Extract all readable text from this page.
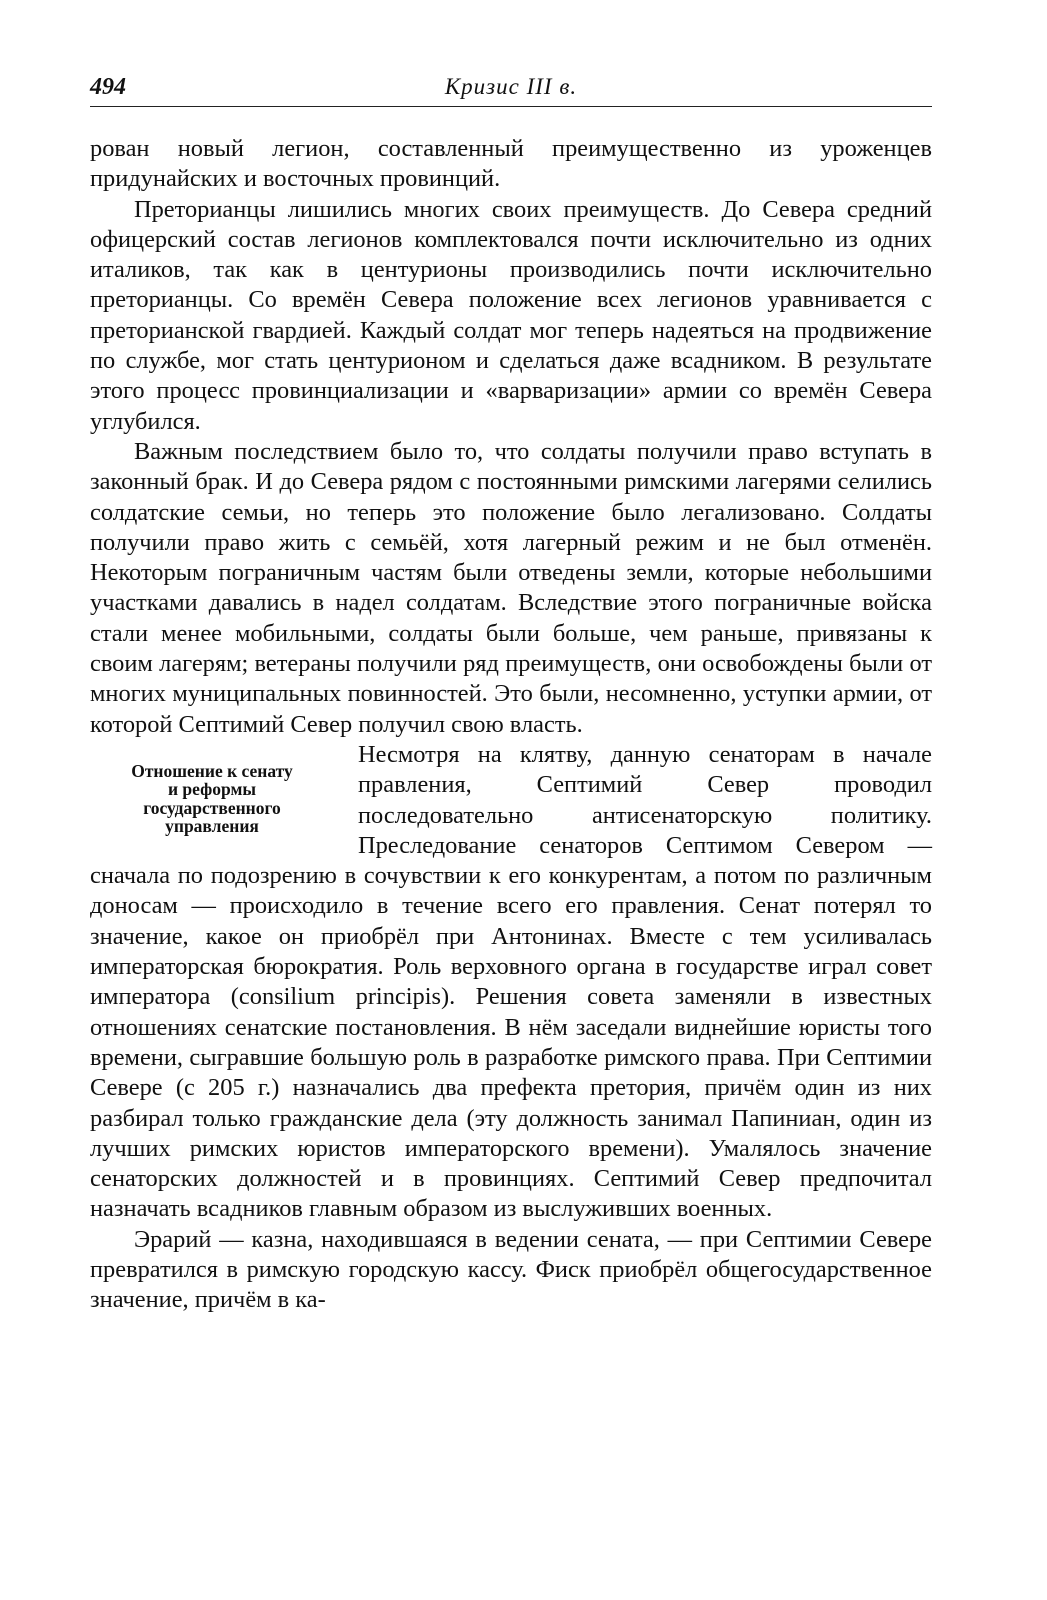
494	Кризис III в.

рован новый легион, составленный преимущественно из уроженцев придунайских и восточных провинций.

Преторианцы лишились многих своих преимуществ. До Севера средний офицерский состав легионов комплектовался почти исключительно из одних италиков, так как в центурионы производились почти исключительно преторианцы. Со времён Севера положение всех легионов уравнивается с преторианской гвардией. Каждый солдат мог теперь надеяться на продвижение по службе, мог стать центурионом и сделаться даже всадником. В результате этого процесс провинциализации и «варваризации» армии со времён Севера углубился.

Важным последствием было то, что солдаты получили право вступать в законный брак. И до Севера рядом с постоянными римскими лагерями селились солдатские семьи, но теперь это положение было легализовано. Солдаты получили право жить с семьёй, хотя лагерный режим и не был отменён. Некоторым пограничным частям были отведены земли, которые небольшими участками давались в надел солдатам. Вследствие этого пограничные войска стали менее мобильными, солдаты были больше, чем раньше, привязаны к своим лагерям; ветераны получили ряд преимуществ, они освобождены были от многих муниципальных повинностей. Это были, несомненно, уступки армии, от которой Септимий Север получил свою власть.

Отношение к сенату
и реформы
государственного
управления

Несмотря на клятву, данную сенаторам в начале правления, Септимий Север проводил последовательно антисенаторскую политику. Преследование сенаторов Септимом Севером — сначала по подозрению в сочувствии к его конкурентам, а потом по различным доносам — происходило в течение всего его правления. Сенат потерял то значение, какое он приобрёл при Антонинах. Вместе с тем усиливалась императорская бюрократия. Роль верховного органа в государстве играл совет императора (consilium principis). Решения совета заменяли в известных отношениях сенатские постановления. В нём заседали виднейшие юристы того времени, сыгравшие большую роль в разработке римского права. При Септимии Севере (с 205 г.) назначались два префекта претория, причём один из них разбирал только гражданские дела (эту должность занимал Папиниан, один из лучших римских юристов императорского времени). Умалялось значение сенаторских должностей и в провинциях. Септимий Север предпочитал назначать всадников главным образом из выслуживших военных.

Эрарий — казна, находившаяся в ведении сената, — при Септимии Севере превратился в римскую городскую кассу. Фиск приобрёл общегосударственное значение, причём в ка-
